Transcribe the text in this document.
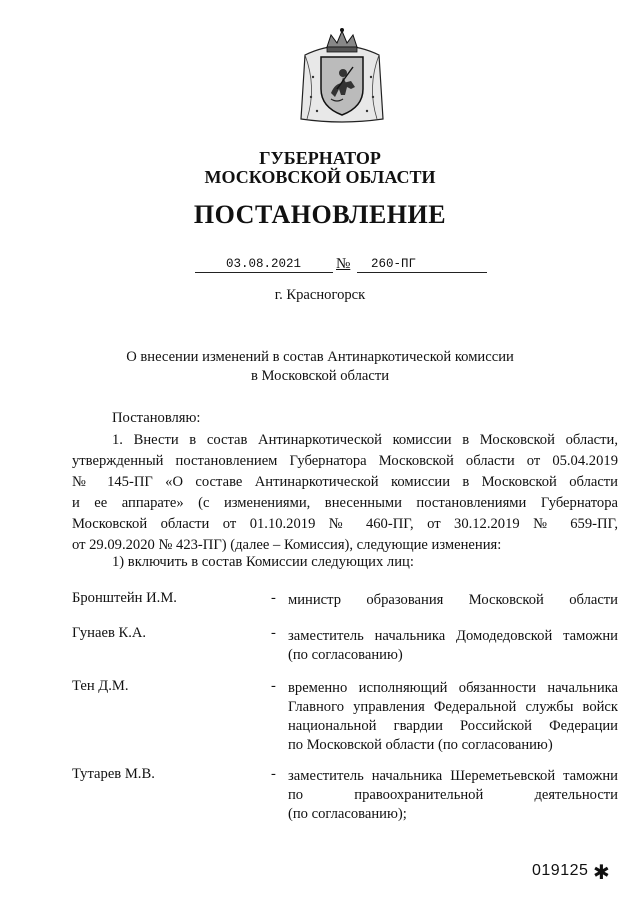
ГУБЕРНАТОР
МОСКОВСКОЙ ОБЛАСТИ
ПОСТАНОВЛЕНИЕ
03.08.2021 № 260-ПГ
г. Красногорск
О внесении изменений в состав Антинаркотической комиссии
в Московской области
Постановляю:
1. Внести в состав Антинаркотической комиссии в Московской области,
утвержденный постановлением Губернатора Московской области от 05.04.2019
№ 145-ПГ «О составе Антинаркотической комиссии в Московской области
и ее аппарате» (с изменениями, внесенными постановлениями Губернатора
Московской области от 01.10.2019 № 460-ПГ, от 30.12.2019 № 659-ПГ,
от 29.09.2020 № 423-ПГ) (далее – Комиссия), следующие изменения:
1) включить в состав Комиссии следующих лиц:
Бронштейн И.М.	- министр образования Московской области
Гунаев К.А.	- заместитель начальника Домодедовской таможни
(по согласованию)
Тен Д.М.	- временно исполняющий обязанности начальника
Главного управления Федеральной службы войск
национальной гвардии Российской Федерации
по Московской области (по согласованию)
Тутарев М.В.	- заместитель начальника Шереметьевской таможни
по правоохранительной деятельности
(по согласованию);
019125 ✱
